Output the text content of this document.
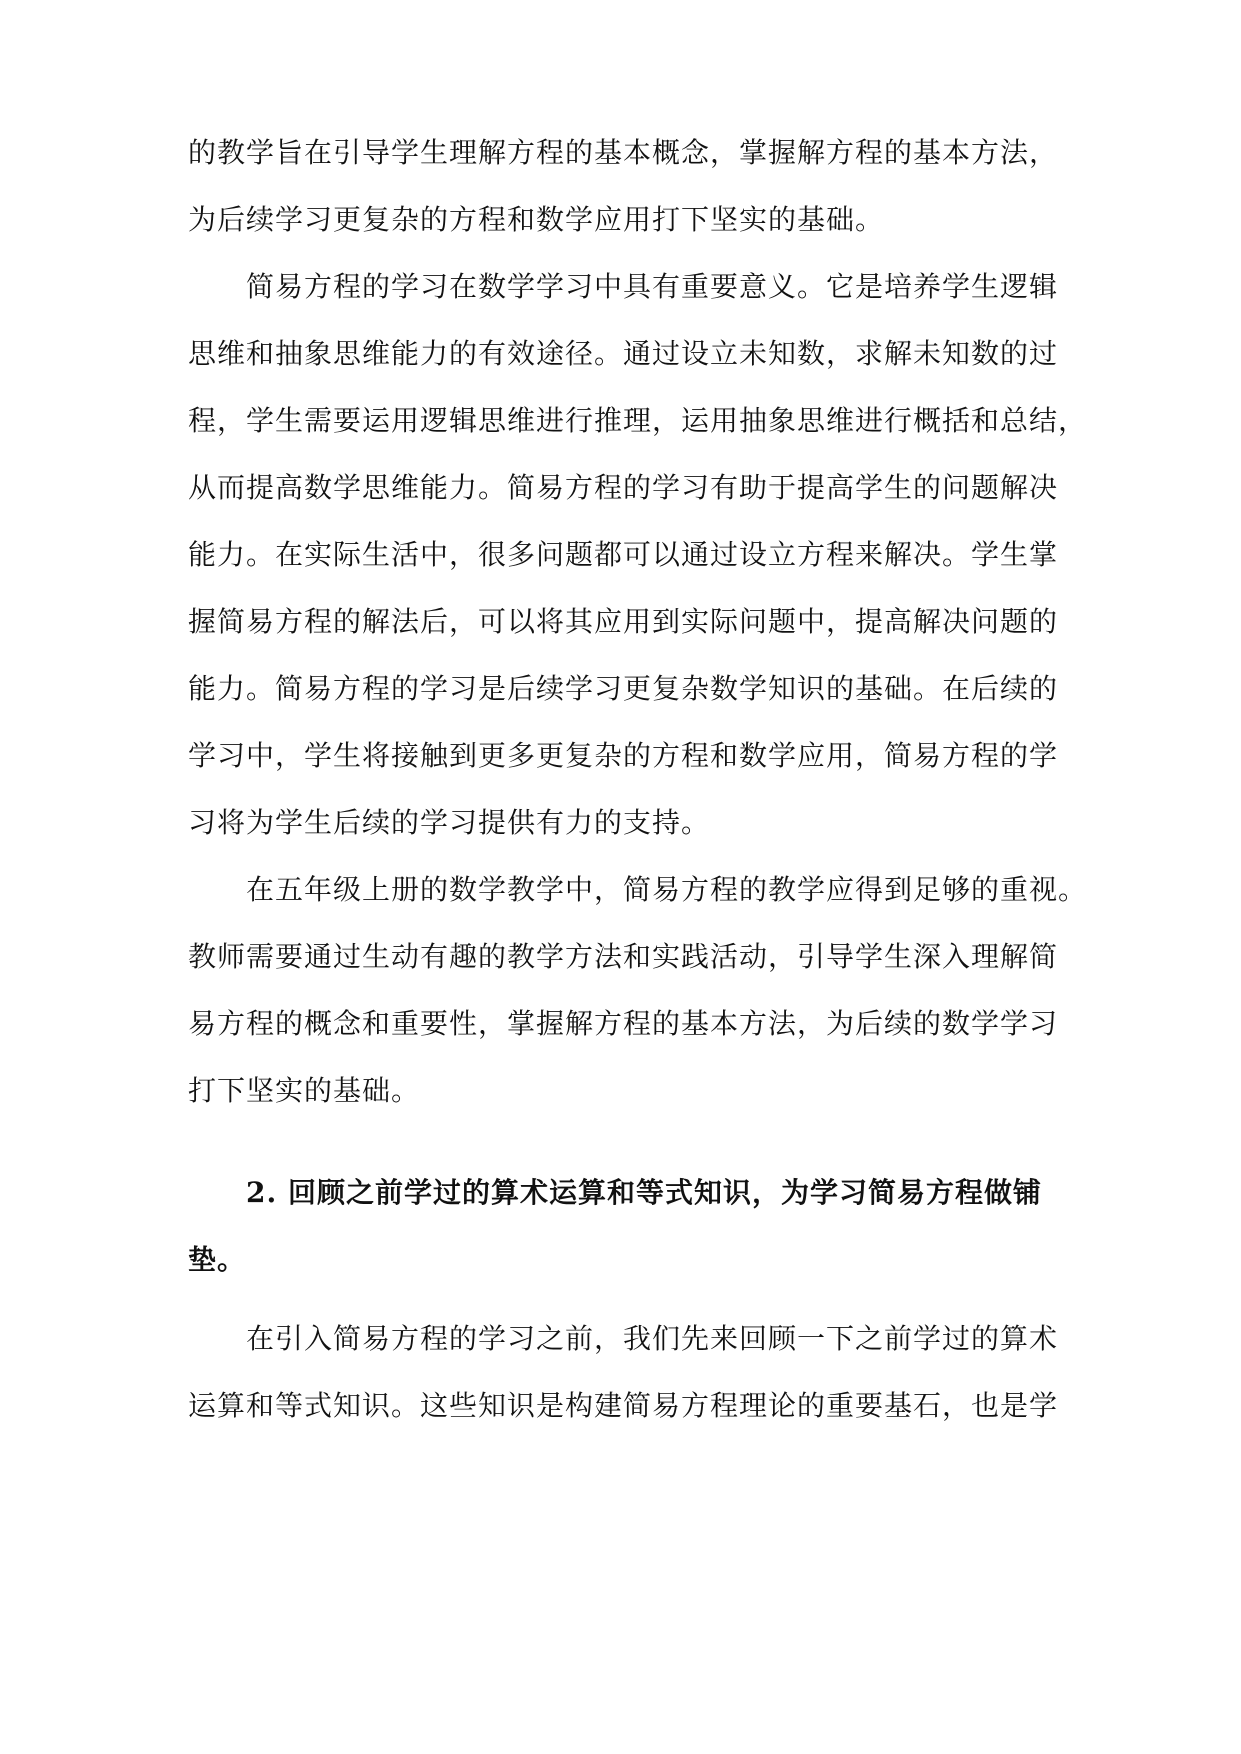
的教学旨在引导学生理解方程的基本概念，掌握解方程的基本方法，
为后续学习更复杂的方程和数学应用打下坚实的基础。
简易方程的学习在数学学习中具有重要意义。它是培养学生逻辑
思维和抽象思维能力的有效途径。通过设立未知数，求解未知数的过
程，学生需要运用逻辑思维进行推理，运用抽象思维进行概括和总结，
从而提高数学思维能力。简易方程的学习有助于提高学生的问题解决
能力。在实际生活中，很多问题都可以通过设立方程来解决。学生掌
握简易方程的解法后，可以将其应用到实际问题中，提高解决问题的
能力。简易方程的学习是后续学习更复杂数学知识的基础。在后续的
学习中，学生将接触到更多更复杂的方程和数学应用，简易方程的学
习将为学生后续的学习提供有力的支持。
在五年级上册的数学教学中，简易方程的教学应得到足够的重视。
教师需要通过生动有趣的教学方法和实践活动，引导学生深入理解简
易方程的概念和重要性，掌握解方程的基本方法，为后续的数学学习
打下坚实的基础。
2. 回顾之前学过的算术运算和等式知识，为学习简易方程做铺
垫。
在引入简易方程的学习之前，我们先来回顾一下之前学过的算术
运算和等式知识。这些知识是构建简易方程理论的重要基石，也是学
